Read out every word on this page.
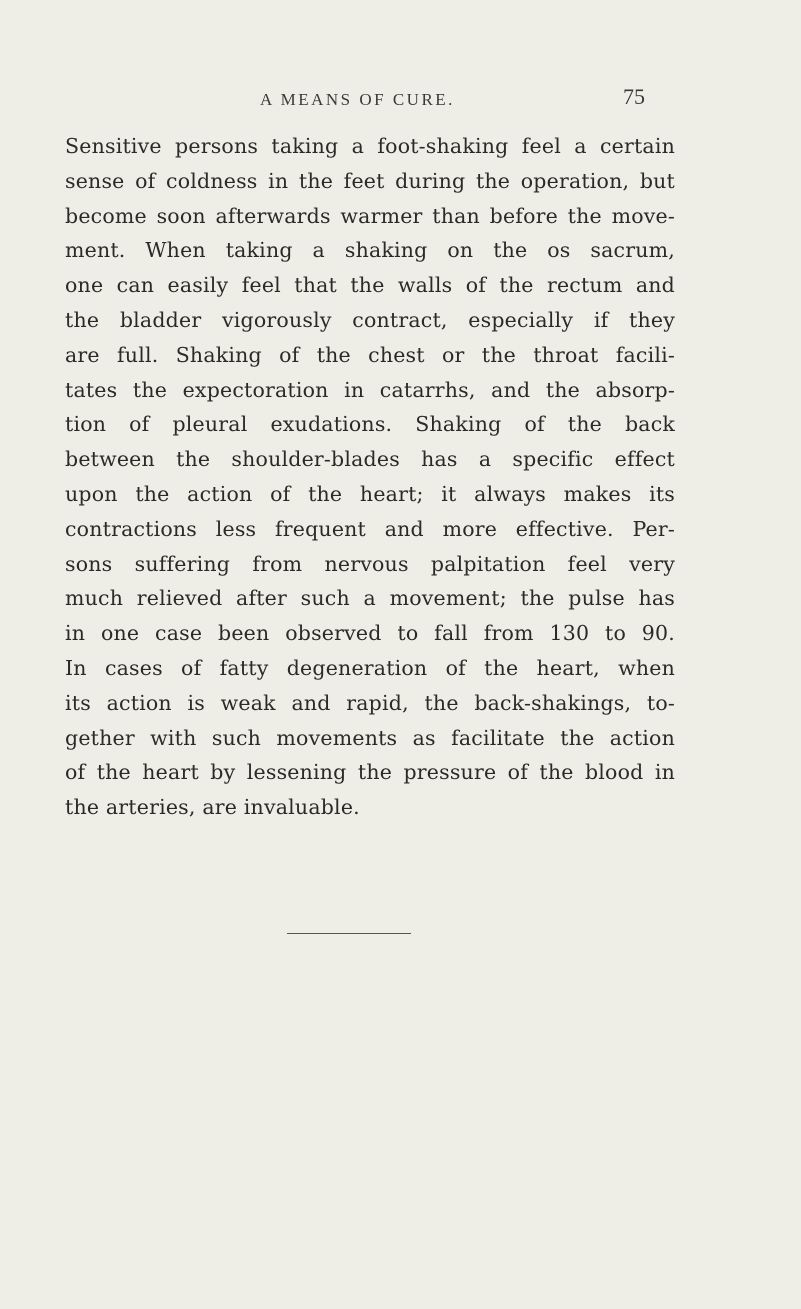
A MEANS OF CURE.	75
Sensitive persons taking a foot-shaking feel a certain
sense of coldness in the feet during the operation, but
become soon afterwards warmer than before the move-
ment. When taking a shaking on the os sacrum,
one can easily feel that the walls of the rectum and
the bladder vigorously contract, especially if they
are full. Shaking of the chest or the throat facili-
tates the expectoration in catarrhs, and the absorp-
tion of pleural exudations. Shaking of the back
between the shoulder-blades has a specific effect
upon the action of the heart; it always makes its
contractions less frequent and more effective. Per-
sons suffering from nervous palpitation feel very
much relieved after such a movement; the pulse has
in one case been observed to fall from 130 to 90.
In cases of fatty degeneration of the heart, when
its action is weak and rapid, the back-shakings, to-
gether with such movements as facilitate the action
of the heart by lessening the pressure of the blood in
the arteries, are invaluable.
